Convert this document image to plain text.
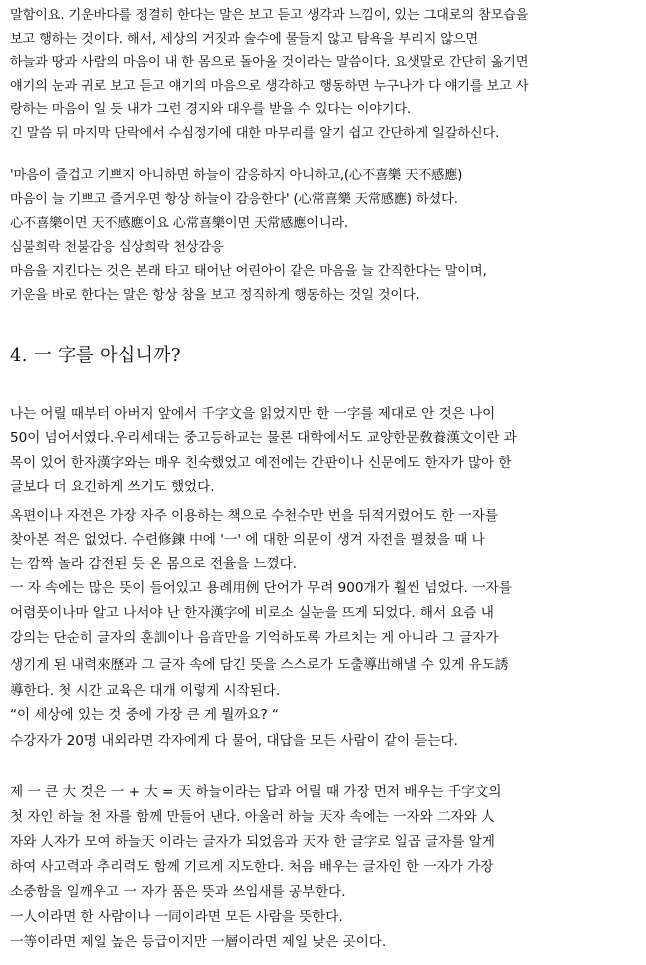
말함이요. 기운바다를 정결히 한다는 말은 보고 듣고 생각과 느낌이, 있는 그대로의 참모습을
보고 행하는 것이다. 해서, 세상의 거짓과 술수에 물들지 않고 탐욕을 부리지 않으면
하늘과 땅과 사람의 마음이 내 한 몸으로 돌아올 것이라는 말씀이다. 요샛말로 간단히 옮기면
얘기의 눈과 귀로 보고 듣고 얘기의 마음으로 생각하고 행동하면 누구나가 다 얘기를 보고 사
랑하는 마음이 일 듯 내가 그런 경지와 대우를 받을 수 있다는 이야기다.
긴 말씀 뒤 마지막 단락에서 수심정기에 대한 마무리를 알기 쉽고 간단하게 일갈하신다.
'마음이 즐겁고 기쁘지 아니하면 하늘이 감응하지 아니하고,(心不喜樂 天不感應)
마음이 늘 기쁘고 즐거우면 항상 하늘이 감응한다' (心常喜樂 天常感應) 하셨다.
心不喜樂이면 天不感應이요 心常喜樂이면 天常感應이니라.
심불희락 천불감응 심상희락 천상감응
마음을 지킨다는 것은 본래 타고 태어난 어린아이 같은 마음을 늘 간직한다는 말이며,
기운을 바로 한다는 말은 항상 참을 보고 정직하게 행동하는 것일 것이다.
4. 一 字를 아십니까?
나는 어릴 때부터 아버지 앞에서 千字文을 읽었지만 한 一字를 제대로 안 것은 나이
50이 넘어서였다.우리세대는 중고등하교는 물론 대학에서도 교양한문敎養漢文이란 과
목이 있어 한자漢字와는 매우 친숙했었고 예전에는 간판이나 신문에도 한자가 많아 한
글보다 더 요긴하게 쓰기도 했었다.
옥편이나 자전은 가장 자주 이용하는 책으로 수천수만 번을 뒤적거렸어도 한 一자를
찾아본 적은 없었다. 수련修鍊 中에 '一' 에 대한 의문이 생겨 자전을 펼쳤을 때 나
는 깜짝 놀라 감전된 듯 온 몸으로 전율을 느꼈다.
一 자 속에는 많은 뜻이 들어있고 용례用例 단어가 무려 900개가 훨씬 넘었다. 一자를
어렴풋이나마 알고 나서야 난 한자漢字에 비로소 실눈을 뜨게 되었다. 해서 요즘 내
강의는 단순히 글자의 훈訓이나 음音만을 기억하도록 가르치는 게 아니라 그 글자가
생기게 된 내력來歷과 그 글자 속에 담긴 뜻을 스스로가 도출導出해낼 수 있게 유도誘
導한다. 첫 시간 교육은 대개 이렇게 시작된다.
“이 세상에 있는 것 중에 가장 큰 게 뭘까요? “
수강자가 20명 내외라면 각자에게 다 물어, 대답을 모든 사람이 같이 듣는다.
제 一 큰 大 것은 一 + 大 = 天 하늘이라는 답과 어릴 때 가장 먼저 배우는 千字文의
첫 자인 하늘 천 자를 함께 만들어 낸다. 아울러 하늘 天자 속에는 一자와 二자와 人
자와 人자가 모여 하늘天 이라는 글자가 되었음과 天자 한 글字로 일곱 글자를 알게
하여 사고력과 추리력도 함께 기르게 지도한다. 처음 배우는 글자인 한 一자가 가장
소중함을 일깨우고 一 자가 품은 뜻과 쓰임새를 공부한다.
一人이라면 한 사람이나 一同이라면 모든 사람을 뜻한다.
一等이라면 제일 높은 등급이지만 一層이라면 제일 낮은 곳이다.
